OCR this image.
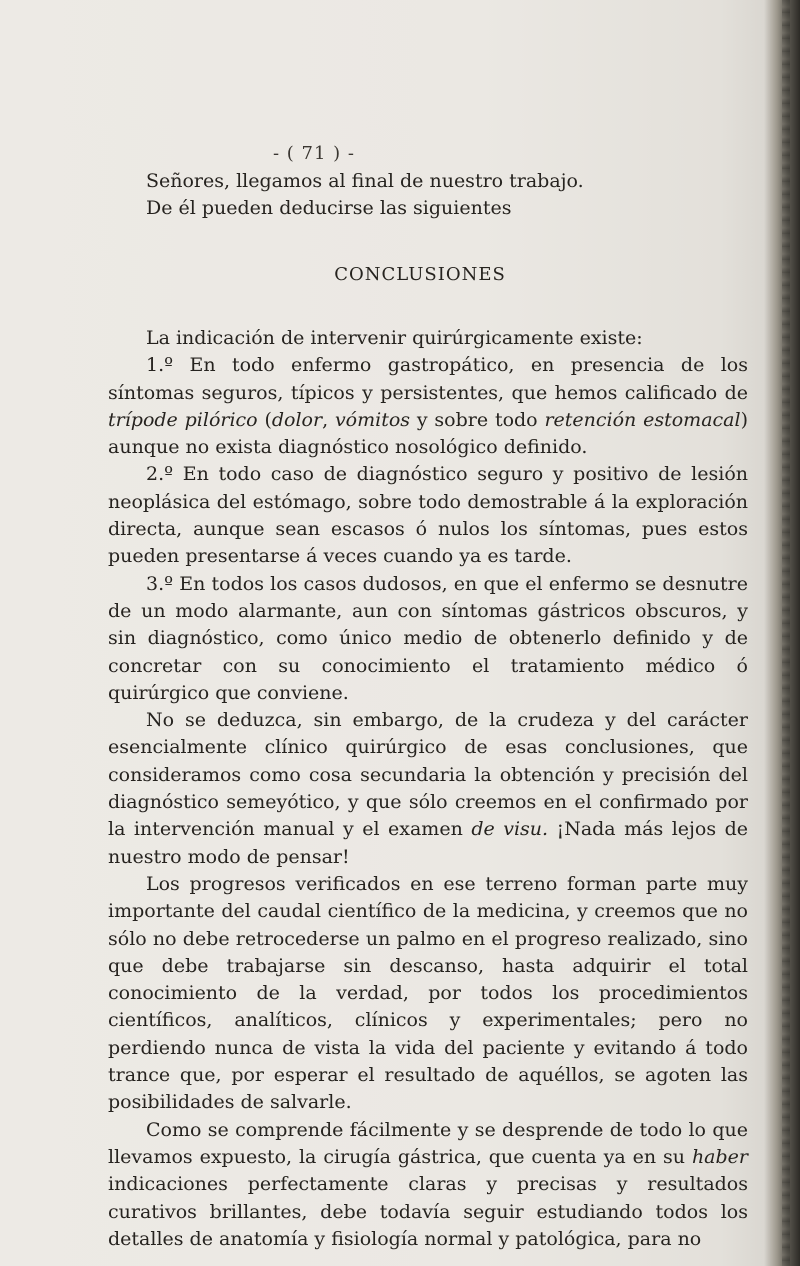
- ( 71 ) -

Señores, llegamos al final de nuestro trabajo.

De él pueden deducirse las siguientes

CONCLUSIONES

La indicación de intervenir quirúrgicamente existe:

1.º En todo enfermo gastropático, en presencia de los síntomas seguros, típicos y persistentes, que hemos calificado de trípode pilórico (dolor, vómitos y sobre todo retención estomacal) aunque no exista diagnóstico nosológico definido.

2.º En todo caso de diagnóstico seguro y positivo de lesión neoplásica del estómago, sobre todo demostrable á la exploración directa, aunque sean escasos ó nulos los síntomas, pues estos pueden presentarse á veces cuando ya es tarde.

3.º En todos los casos dudosos, en que el enfermo se desnutre de un modo alarmante, aun con síntomas gástricos obscuros, y sin diagnóstico, como único medio de obtenerlo definido y de concretar con su conocimiento el tratamiento médico ó quirúrgico que conviene.

No se deduzca, sin embargo, de la crudeza y del carácter esencialmente clínico quirúrgico de esas conclusiones, que consideramos como cosa secundaria la obtención y precisión del diagnóstico semeyótico, y que sólo creemos en el confirmado por la intervención manual y el examen de visu. ¡Nada más lejos de nuestro modo de pensar!

Los progresos verificados en ese terreno forman parte muy importante del caudal científico de la medicina, y creemos que no sólo no debe retrocederse un palmo en el progreso realizado, sino que debe trabajarse sin descanso, hasta adquirir el total conocimiento de la verdad, por todos los procedimientos científicos, analíticos, clínicos y experimentales; pero no perdiendo nunca de vista la vida del paciente y evitando á todo trance que, por esperar el resultado de aquéllos, se agoten las posibilidades de salvarle.

Como se comprende fácilmente y se desprende de todo lo que llevamos expuesto, la cirugía gástrica, que cuenta ya en su haber indicaciones perfectamente claras y precisas y resultados curativos brillantes, debe todavía seguir estudiando todos los detalles de anatomía y fisiología normal y patológica, para no
